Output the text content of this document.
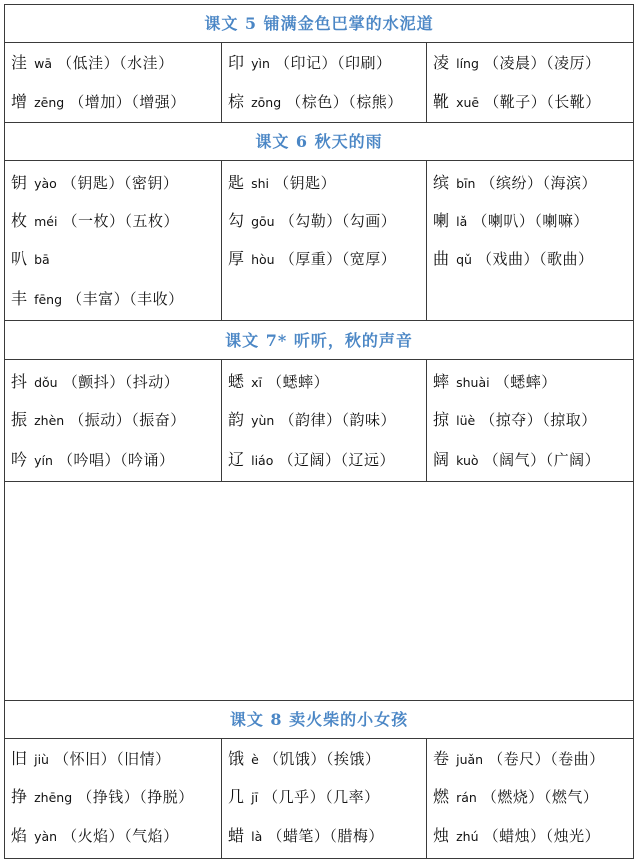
课文 5 铺满金色巴掌的水泥道
洼 wā （低洼）（水洼）
增 zēng （增加）（增强）
印 yìn （印记）（印刷）
棕 zōng （棕色）（棕熊）
凌 líng （凌晨）（凌厉）
靴 xuē （靴子）（长靴）
课文 6 秋天的雨
钥 yào （钥匙）（密钥）
枚 méi （一枚）（五枚）
叭 bā
丰 fēng （丰富）（丰收）
匙 shi （钥匙）
勾 gōu （勾勒）（勾画）
厚 hòu （厚重）（宽厚）
缤 bīn （缤纷）（海滨）
喇 lǎ （喇叭）（喇嘛）
曲 qǔ （戏曲）（歌曲）
课文 7* 听听，秋的声音
抖 dǒu （颤抖）（抖动）
振 zhèn （振动）（振奋）
吟 yín （吟唱）（吟诵）
蟋 xī （蟋蟀）
韵 yùn （韵律）（韵味）
辽 liáo （辽阔）（辽远）
蟀 shuài （蟋蟀）
掠 lüè （掠夺）（掠取）
阔 kuò （阔气）（广阔）
课文 8 卖火柴的小女孩
旧 jiù （怀旧）（旧情）
挣 zhēng （挣钱）（挣脱）
焰 yàn （火焰）（气焰）
饿 è （饥饿）（挨饿）
几 jī （几乎）（几率）
蜡 là （蜡笔）（腊梅）
卷 juǎn （卷尺）（卷曲）
燃 rán （燃烧）（燃气）
烛 zhú （蜡烛）（烛光）
